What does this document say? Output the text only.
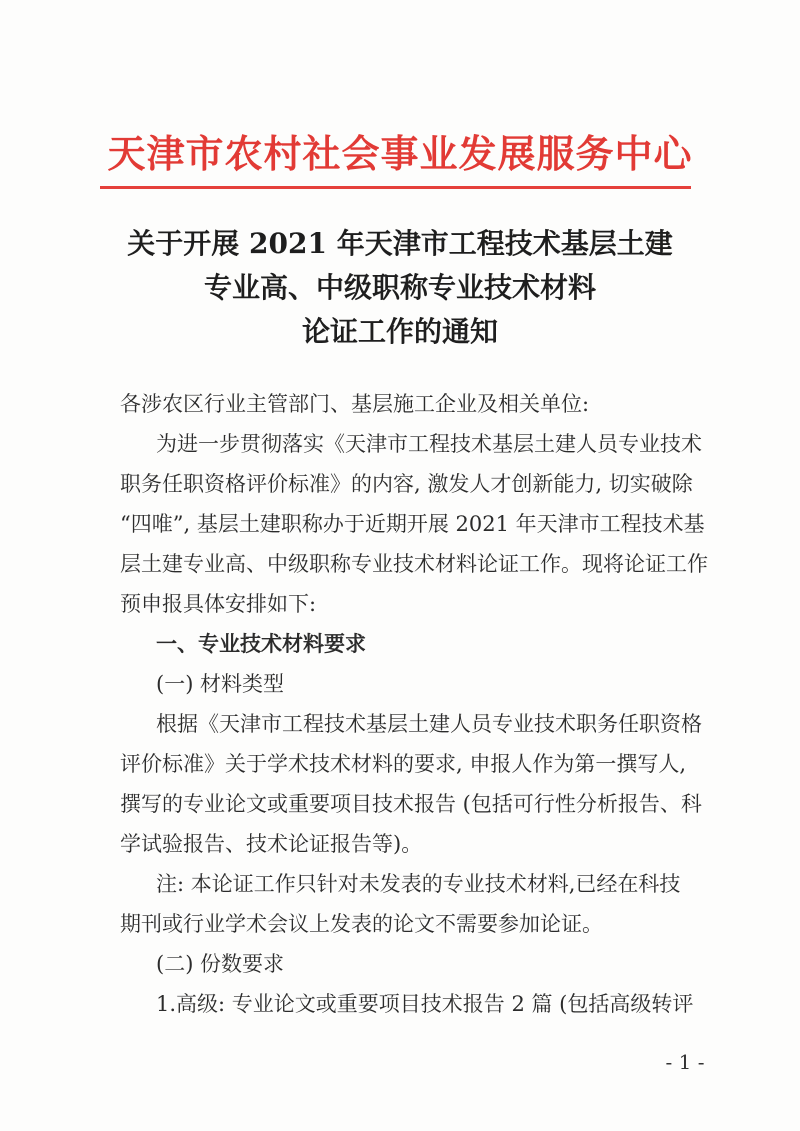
天津市农村社会事业发展服务中心
关于开展 2021 年天津市工程技术基层土建
专业高、中级职称专业技术材料
论证工作的通知
各涉农区行业主管部门、基层施工企业及相关单位:
为进一步贯彻落实《天津市工程技术基层土建人员专业技术
职务任职资格评价标准》的内容, 激发人才创新能力, 切实破除
“四唯”, 基层土建职称办于近期开展 2021 年天津市工程技术基
层土建专业高、中级职称专业技术材料论证工作。现将论证工作
预申报具体安排如下:
一、专业技术材料要求
(一) 材料类型
根据《天津市工程技术基层土建人员专业技术职务任职资格
评价标准》关于学术技术材料的要求, 申报人作为第一撰写人,
撰写的专业论文或重要项目技术报告 (包括可行性分析报告、科
学试验报告、技术论证报告等)。
注: 本论证工作只针对未发表的专业技术材料,已经在科技
期刊或行业学术会议上发表的论文不需要参加论证。
(二) 份数要求
1.高级: 专业论文或重要项目技术报告 2 篇 (包括高级转评
- 1 -
